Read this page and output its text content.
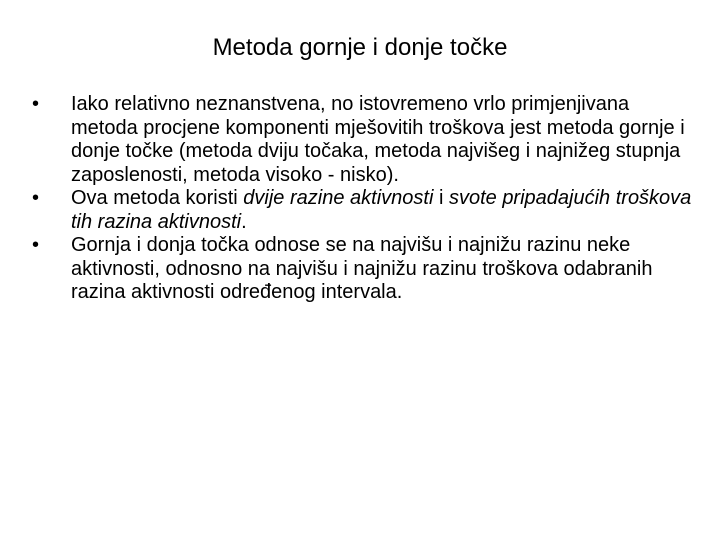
Metoda gornje i donje točke
•	Iako relativno neznanstvena, no istovremeno vrlo primjenjivana metoda procjene komponenti mješovitih troškova jest metoda gornje i donje točke (metoda dviju točaka, metoda najvišeg i najnižeg stupnja zaposlenosti, metoda visoko - nisko).
•	Ova metoda koristi dvije razine aktivnosti i svote pripadajućih troškova tih razina aktivnosti.
•	Gornja i donja točka odnose se na najvišu i najnižu razinu neke aktivnosti, odnosno na najvišu i najnižu razinu troškova odabranih razina aktivnosti određenog intervala.
